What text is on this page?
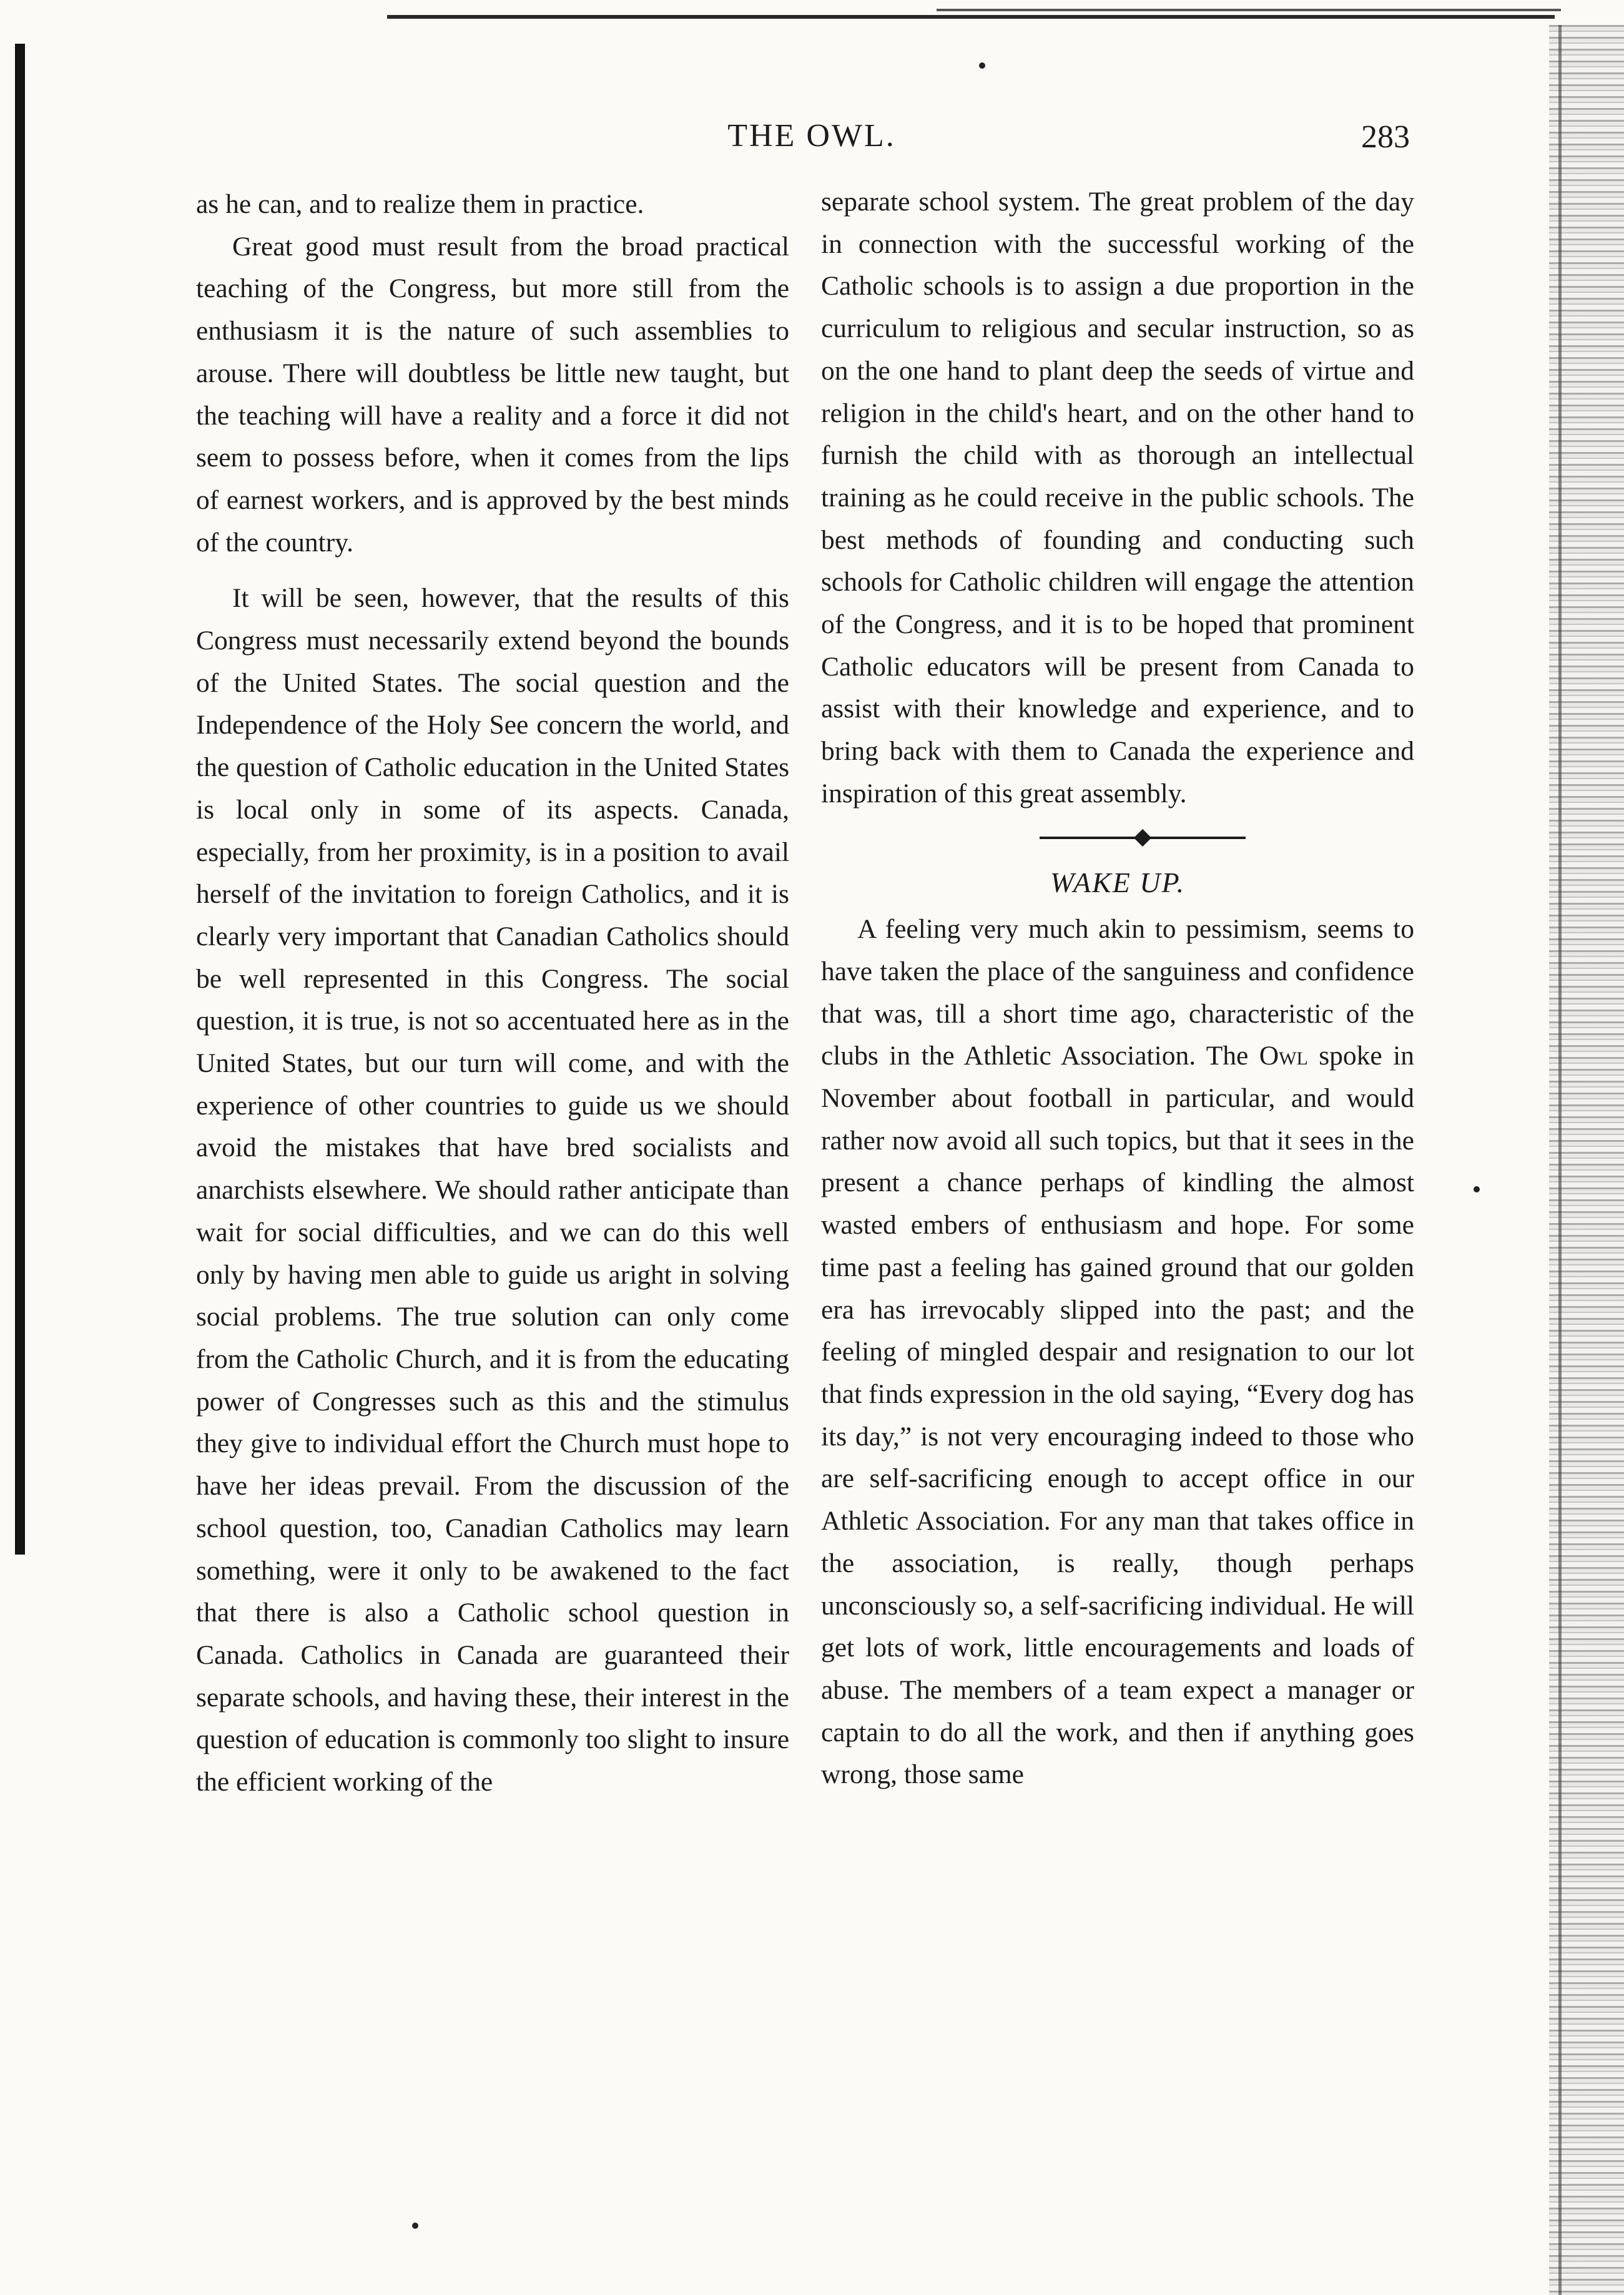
THE OWL.	283

as he can, and to realize them in practice.

Great good must result from the broad practical teaching of the Congress, but more still from the enthusiasm it is the nature of such assemblies to arouse. There will doubtless be little new taught, but the teaching will have a reality and a force it did not seem to possess before, when it comes from the lips of earnest workers, and is approved by the best minds of the country.

It will be seen, however, that the results of this Congress must necessarily extend beyond the bounds of the United States. The social question and the Independence of the Holy See concern the world, and the question of Catholic education in the United States is local only in some of its aspects. Canada, especially, from her proximity, is in a position to avail herself of the invitation to foreign Catholics, and it is clearly very important that Canadian Catholics should be well represented in this Congress. The social question, it is true, is not so accentuated here as in the United States, but our turn will come, and with the experience of other countries to guide us we should avoid the mistakes that have bred socialists and anarchists elsewhere. We should rather anticipate than wait for social difficulties, and we can do this well only by having men able to guide us aright in solving social problems. The true solution can only come from the Catholic Church, and it is from the educating power of Congresses such as this and the stimulus they give to individual effort the Church must hope to have her ideas prevail. From the discussion of the school question, too, Canadian Catholics may learn something, were it only to be awakened to the fact that there is also a Catholic school question in Canada. Catholics in Canada are guaranteed their separate schools, and having these, their interest in the question of education is commonly too slight to insure the efficient working of the

separate school system. The great problem of the day in connection with the successful working of the Catholic schools is to assign a due proportion in the curriculum to religious and secular instruction, so as on the one hand to plant deep the seeds of virtue and religion in the child's heart, and on the other hand to furnish the child with as thorough an intellectual training as he could receive in the public schools. The best methods of founding and conducting such schools for Catholic children will engage the attention of the Congress, and it is to be hoped that prominent Catholic educators will be present from Canada to assist with their knowledge and experience, and to bring back with them to Canada the experience and inspiration of this great assembly.

WAKE UP.

A feeling very much akin to pessimism, seems to have taken the place of the sanguiness and confidence that was, till a short time ago, characteristic of the clubs in the Athletic Association. The Owl spoke in November about football in particular, and would rather now avoid all such topics, but that it sees in the present a chance perhaps of kindling the almost wasted embers of enthusiasm and hope. For some time past a feeling has gained ground that our golden era has irrevocably slipped into the past; and the feeling of mingled despair and resignation to our lot that finds expression in the old saying, “Every dog has its day,” is not very encouraging indeed to those who are self-sacrificing enough to accept office in our Athletic Association. For any man that takes office in the association, is really, though perhaps unconsciously so, a self-sacrificing individual. He will get lots of work, little encouragements and loads of abuse. The members of a team expect a manager or captain to do all the work, and then if anything goes wrong, those same
